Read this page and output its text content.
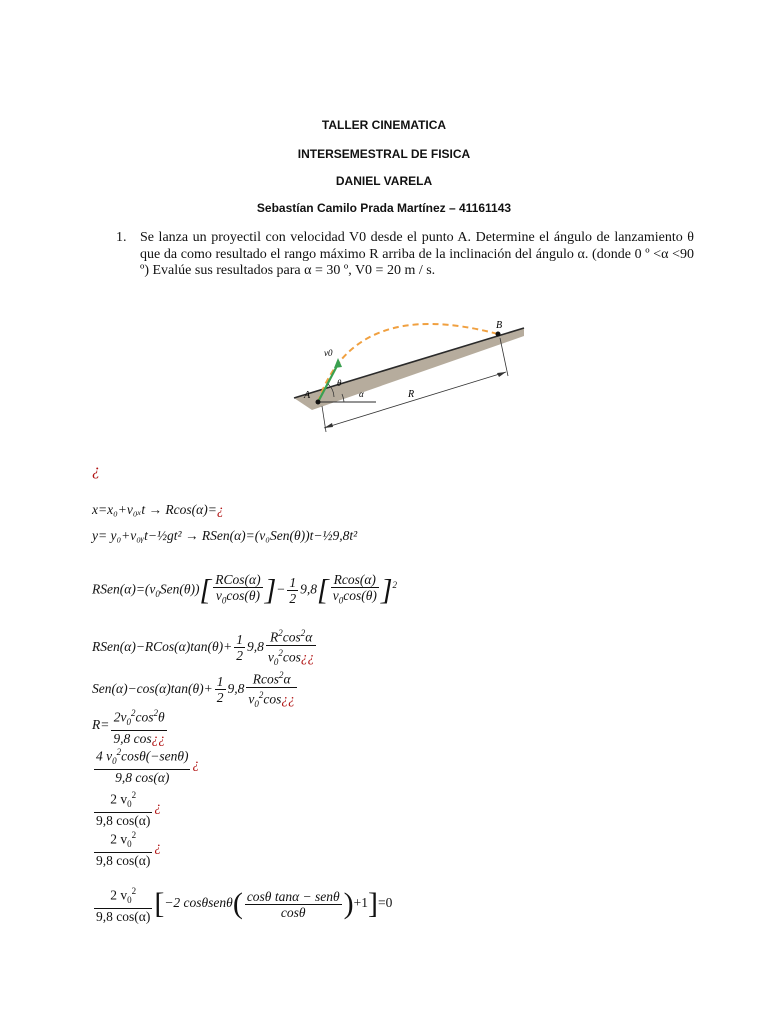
TALLER CINEMATICA
INTERSEMESTRAL DE FISICA
DANIEL VARELA
Sebastían Camilo Prada Martínez – 41161143
1. Se lanza un proyectil con velocidad V0 desde el punto A. Determine el ángulo de lanzamiento θ que da como resultado el rango máximo R arriba de la inclinación del ángulo α. (donde 0 º <α <90 º) Evalúe sus resultados para α = 30 º, V0 = 20 m / s.
A
B
v0
θ
α	R
¿
x=x₀+v₀ₓt → Rcos(α)=¿
y= y₀+v₀ᵧt−½gt² → RSen(α)=(v₀Sen(θ))t−½9,8t²
$RSen(\alpha)=(v_0Sen(\theta))[ \frac{\text{RCos(α)}}{v_0\cos(\theta)}$ ]− $\frac{1}{2} 9,8[ \frac{Rcos(\alpha)}{v_0\cos(\theta)} ]^2$
RSen(α)−RCos(α)tan(θ)+ $\frac{1}{2} 9,8 \frac{R^2\cos^2\alpha}{v_0^2\cos¿¿}$
$Sen(\alpha)-\cos(\alpha)\tan(\theta)+ \frac{1}{2} 9,8 \frac{Rcos^2\alpha}{v_0^2\cos¿¿}$
$R= \frac{2v_0^2\cos^2\theta}{9,8 \cos¿¿}$
$\frac{4 v_0^2\cos\theta(-sen\theta)}{9,8 \cos(\alpha)}$ ¿
$\frac{2 v_0^2}{9,8 \cos(\alpha)}$ ¿
$\frac{2 v_0^2}{9,8 \cos(\alpha)}$ ¿
$\frac{2 v_0^2}{9,8 \cos(\alpha)} [-2$ $\cos\theta sen\theta( \frac{\text{cosθ tanα − senθ}}{\cos\theta} )+1]=0$
